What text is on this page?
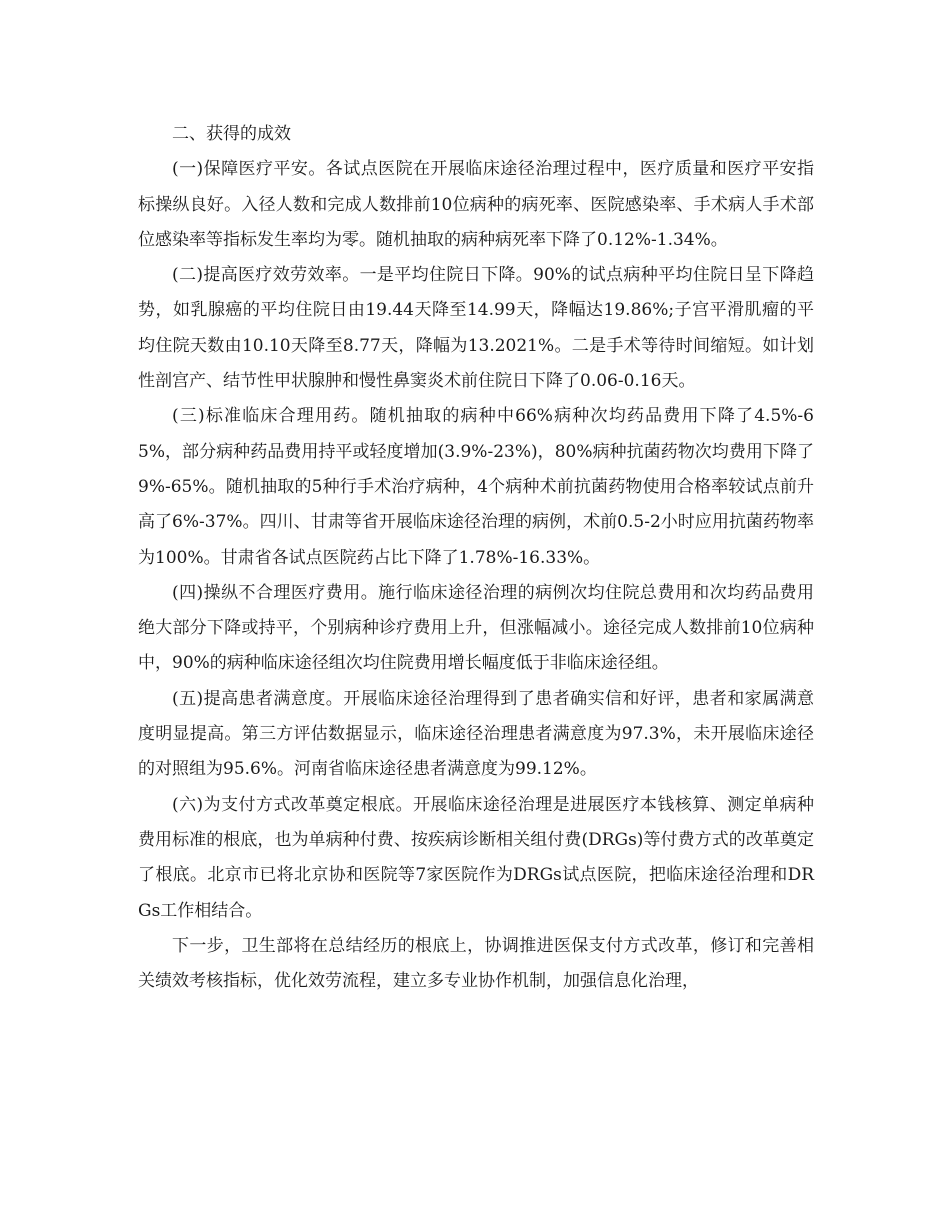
二、获得的成效

(一)保障医疗平安。各试点医院在开展临床途径治理过程中，医疗质量和医疗平安指标操纵良好。入径人数和完成人数排前10位病种的病死率、医院感染率、手术病人手术部位感染率等指标发生率均为零。随机抽取的病种病死率下降了0.12%-1.34%。

(二)提高医疗效劳效率。一是平均住院日下降。90%的试点病种平均住院日呈下降趋势，如乳腺癌的平均住院日由19.44天降至14.99天，降幅达19.86%;子宫平滑肌瘤的平均住院天数由10.10天降至8.77天，降幅为13.2021%。二是手术等待时间缩短。如计划性剖宫产、结节性甲状腺肿和慢性鼻窦炎术前住院日下降了0.06-0.16天。

(三)标准临床合理用药。随机抽取的病种中66%病种次均药品费用下降了4.5%-65%，部分病种药品费用持平或轻度增加(3.9%-23%)，80%病种抗菌药物次均费用下降了9%-65%。随机抽取的5种行手术治疗病种，4个病种术前抗菌药物使用合格率较试点前升高了6%-37%。四川、甘肃等省开展临床途径治理的病例，术前0.5-2小时应用抗菌药物率为100%。甘肃省各试点医院药占比下降了1.78%-16.33%。

(四)操纵不合理医疗费用。施行临床途径治理的病例次均住院总费用和次均药品费用绝大部分下降或持平，个别病种诊疗费用上升，但涨幅减小。途径完成人数排前10位病种中，90%的病种临床途径组次均住院费用增长幅度低于非临床途径组。

(五)提高患者满意度。开展临床途径治理得到了患者确实信和好评，患者和家属满意度明显提高。第三方评估数据显示，临床途径治理患者满意度为97.3%，未开展临床途径的对照组为95.6%。河南省临床途径患者满意度为99.12%。

(六)为支付方式改革奠定根底。开展临床途径治理是进展医疗本钱核算、测定单病种费用标准的根底，也为单病种付费、按疾病诊断相关组付费(DRGs)等付费方式的改革奠定了根底。北京市已将北京协和医院等7家医院作为DRGs试点医院，把临床途径治理和DRGs工作相结合。

下一步，卫生部将在总结经历的根底上，协调推进医保支付方式改革，修订和完善相关绩效考核指标，优化效劳流程，建立多专业协作机制，加强信息化治理，
